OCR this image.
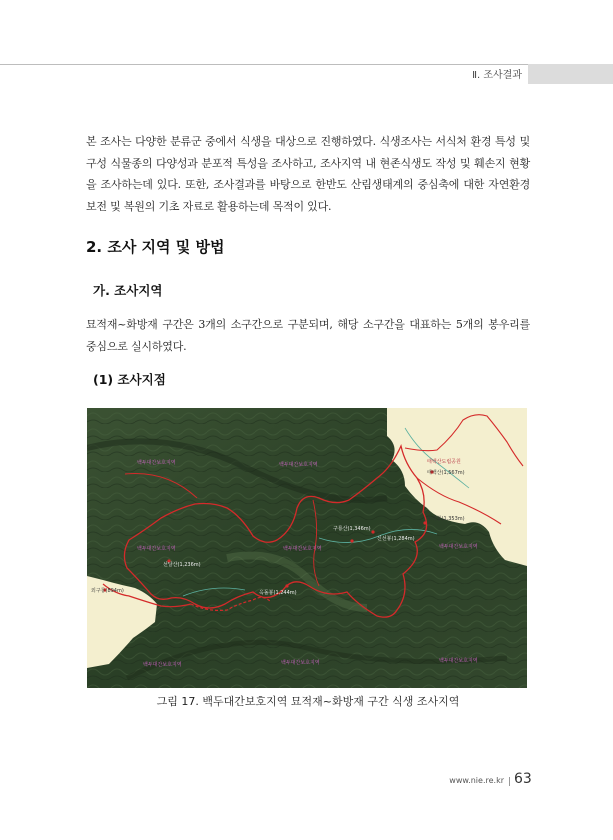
Ⅱ. 조사결과

본 조사는 다양한 분류군 중에서 식생을 대상으로 진행하였다. 식생조사는 서식처 환경 특성 및 구성 식물종의 다양성과 분포적 특성을 조사하고, 조사지역 내 현존식생도 작성 및 훼손지 현황을 조사하는데 있다. 또한, 조사결과를 바탕으로 한반도 산림생태계의 중심축에 대한 자연환경 보전 및 복원의 기초 자료로 활용하는데 목적이 있다.

2. 조사 지역 및 방법
가. 조사지역

묘적재~화방재 구간은 3개의 소구간으로 구분되며, 해당 소구간을 대표하는 5개의 봉우리를 중심으로 실시하였다.

(1) 조사지점
태백산도립공원
태백산(1,567m)
백두대간보호지역	백두대간보호지역
백두대간보호지역	백두대간보호지역	백두대간보호지역
백두대간보호지역	백두대간보호지역	백두대간보호지역
두리봉(1,353m)
신선봉(1,284m)
구룡산(1,346m)
옥돌봉(1,244m)
선달산(1,236m)
외구룡(894m)
그림 17. 백두대간보호지역 묘적재~화방재 구간 식생 조사지역
www.nie.re.kr 63
